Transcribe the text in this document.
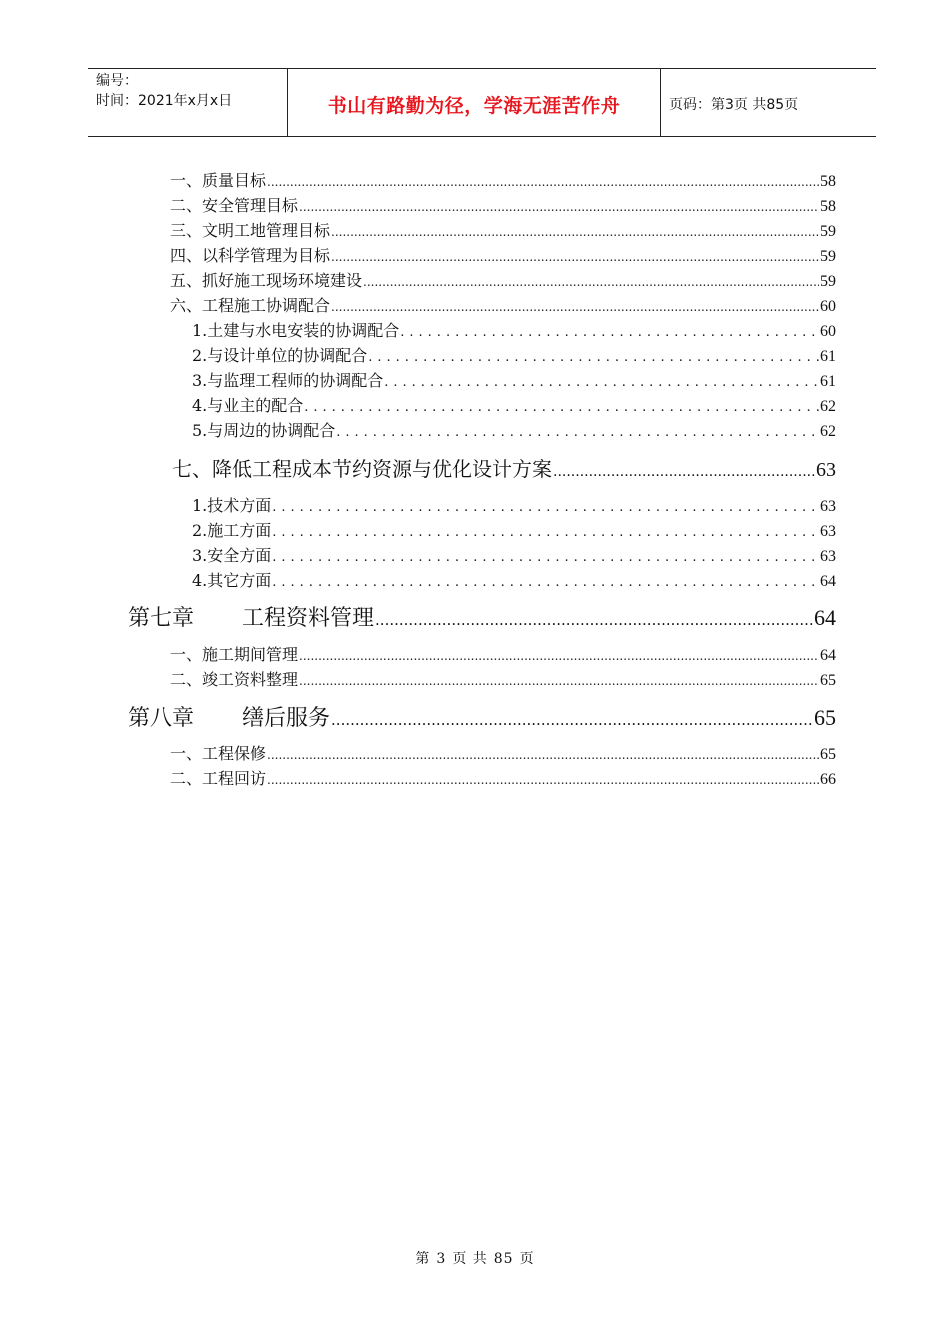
编号：
时间：2021年x月x日	书山有路勤为径，学海无涯苦作舟	页码：第3页 共85页
一、质量目标 .....	58
二、安全管理目标 .....	58
三、文明工地管理目标 .....	59
四、以科学管理为目标 .....	59
五、抓好施工现场环境建设 .....	59
六、工程施工协调配合 .....	60
1.土建与水电安装的协调配合 .....	60
2.与设计单位的协调配合 .....	61
3.与监理工程师的协调配合 .....	61
4.与业主的配合 .....	62
5.与周边的协调配合 .....	62
七、降低工程成本节约资源与优化设计方案 .....	63
1.技术方面 .....	63
2.施工方面 .....	63
3.安全方面 .....	63
4.其它方面 .....	64
第七章 工程资料管理 .....	64
一、施工期间管理 .....	64
二、竣工资料整理 .....	65
第八章 缮后服务 .....	65
一、工程保修 .....	65
二、工程回访 .....	66
第 3 页 共 85 页
